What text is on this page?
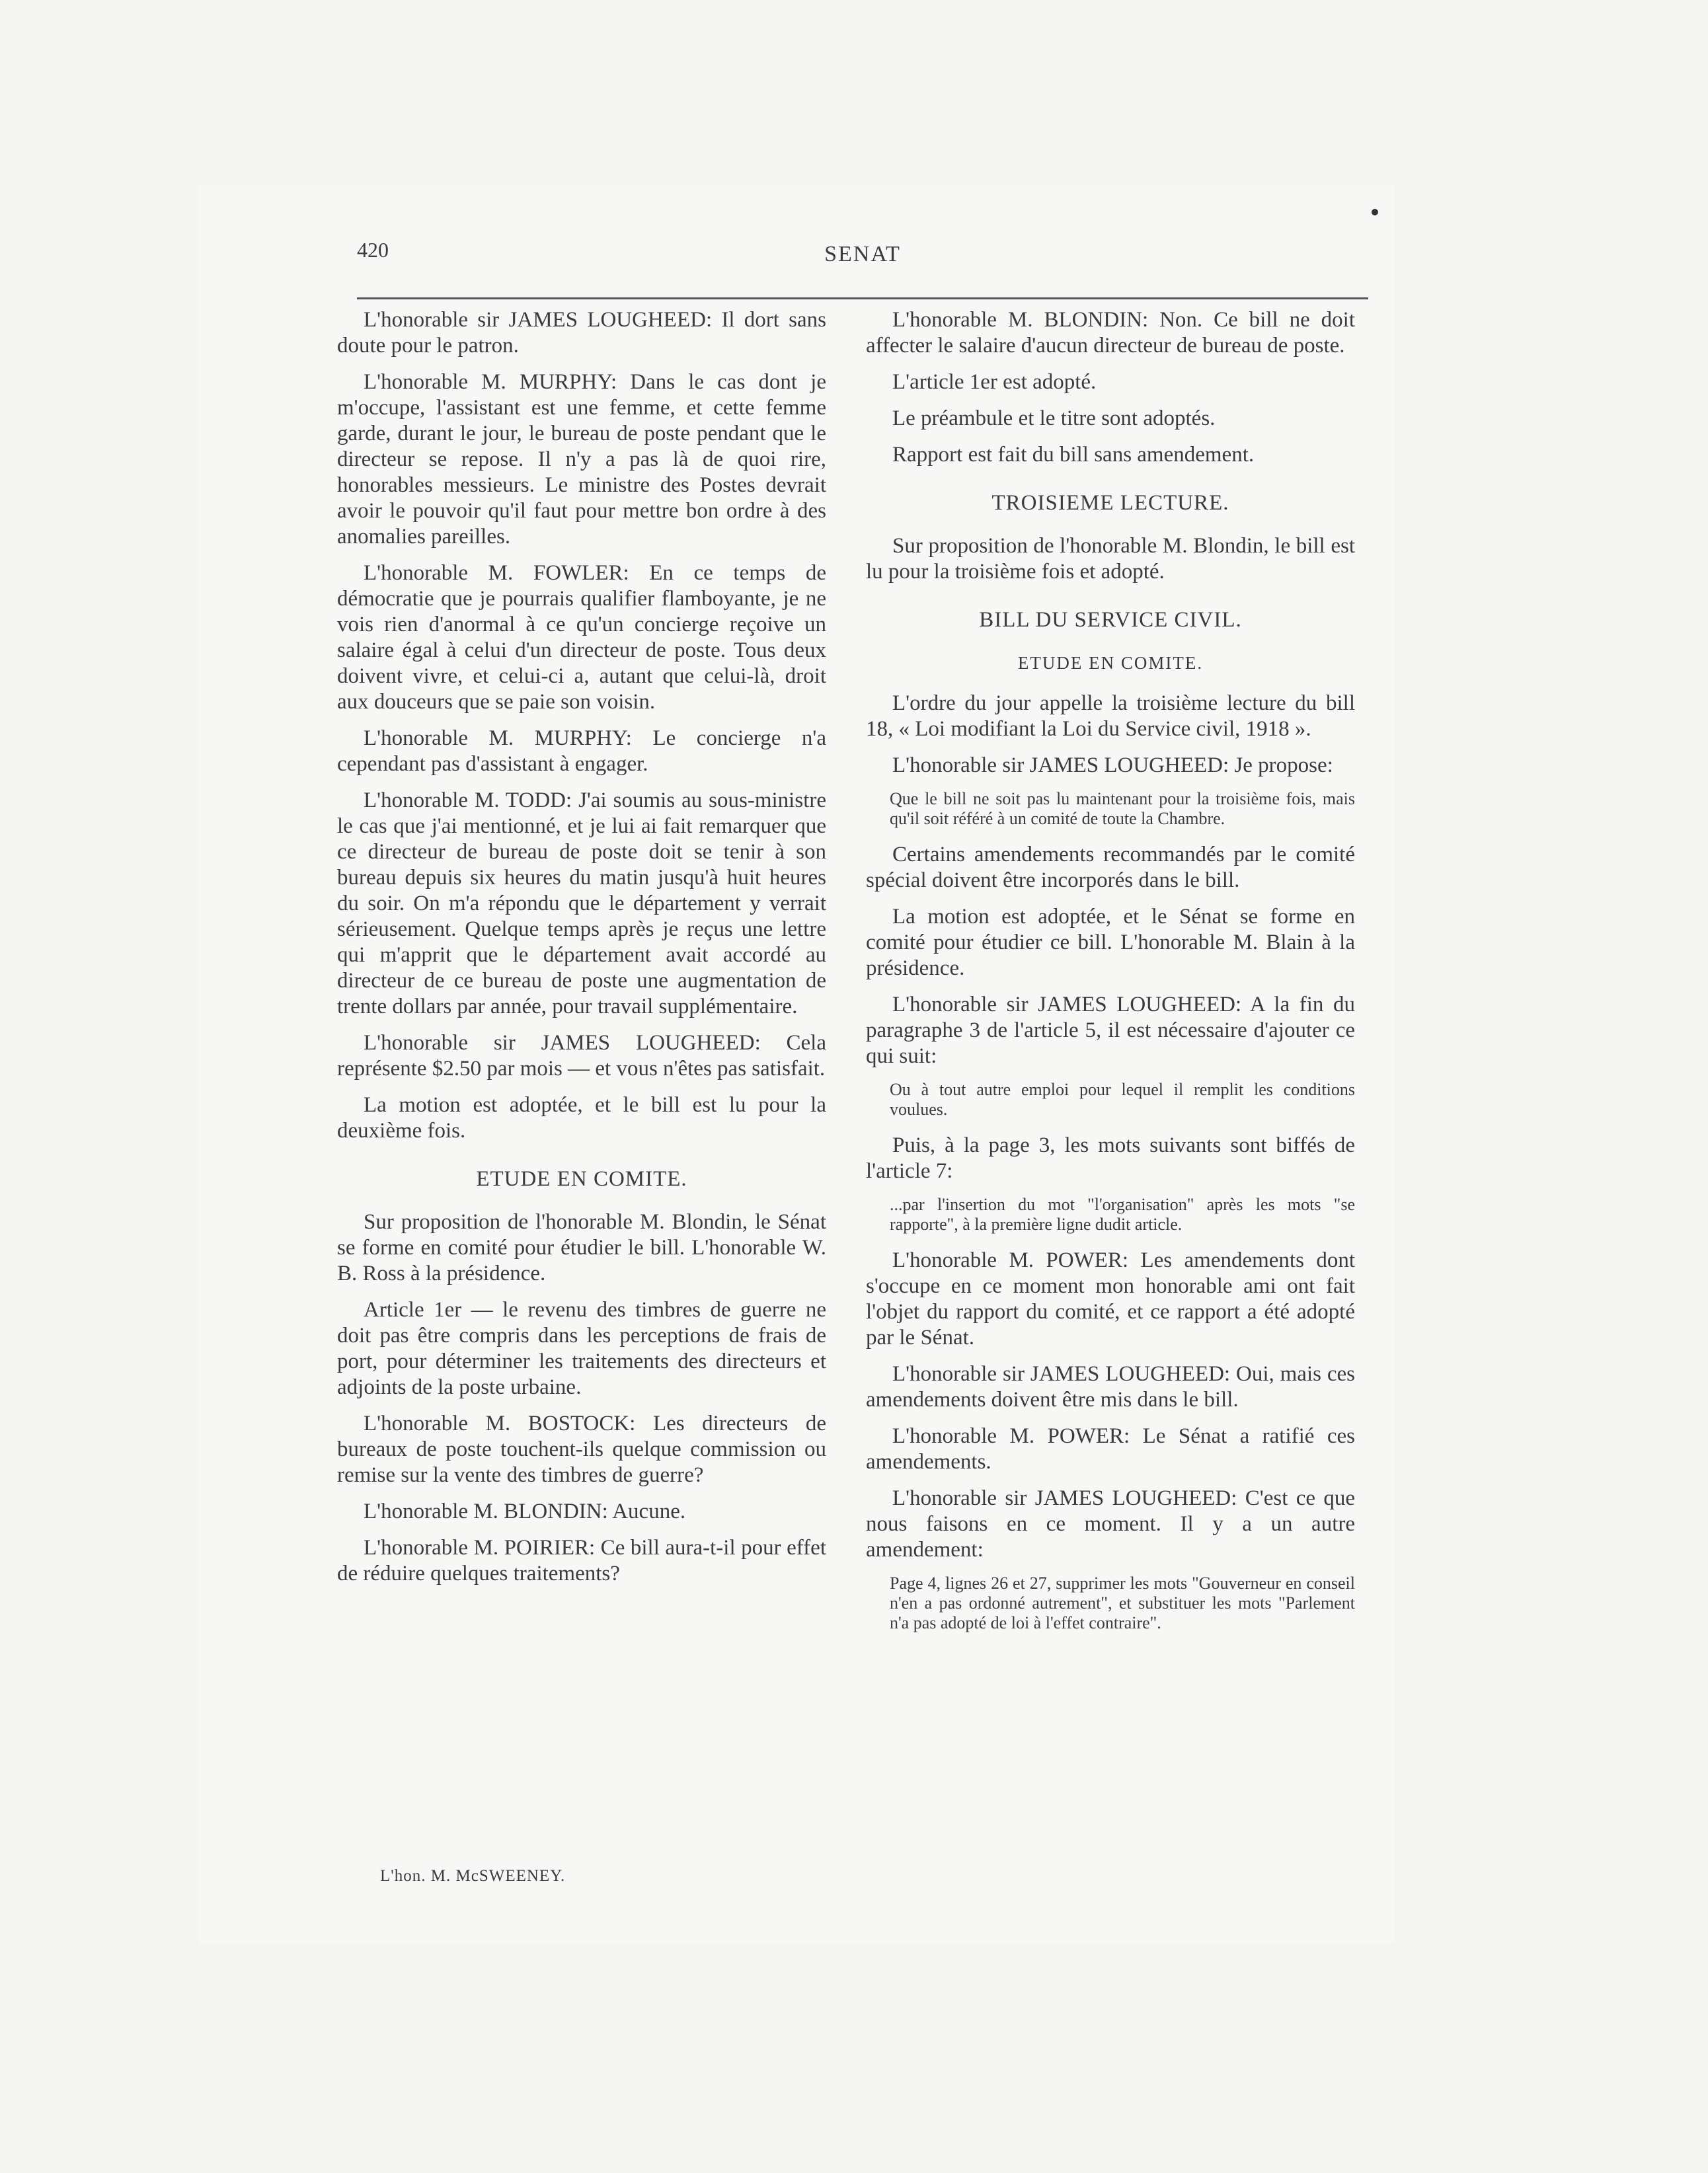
420	SENAT

L'honorable sir JAMES LOUGHEED: Il dort sans doute pour le patron.

L'honorable M. MURPHY: Dans le cas dont je m'occupe, l'assistant est une femme, et cette femme garde, durant le jour, le bureau de poste pendant que le directeur se repose. Il n'y a pas là de quoi rire, honorables messieurs. Le ministre des Postes devrait avoir le pouvoir qu'il faut pour mettre bon ordre à des anomalies pareilles.

L'honorable M. FOWLER: En ce temps de démocratie que je pourrais qualifier flamboyante, je ne vois rien d'anormal à ce qu'un concierge reçoive un salaire égal à celui d'un directeur de poste. Tous deux doivent vivre, et celui-ci a, autant que celui-là, droit aux douceurs que se paie son voisin.

L'honorable M. MURPHY: Le concierge n'a cependant pas d'assistant à engager.

L'honorable M. TODD: J'ai soumis au sous-ministre le cas que j'ai mentionné, et je lui ai fait remarquer que ce directeur de bureau de poste doit se tenir à son bureau depuis six heures du matin jusqu'à huit heures du soir. On m'a répondu que le département y verrait sérieusement. Quelque temps après je reçus une lettre qui m'apprit que le département avait accordé au directeur de ce bureau de poste une augmentation de trente dollars par année, pour travail supplémentaire.

L'honorable sir JAMES LOUGHEED: Cela représente $2.50 par mois — et vous n'êtes pas satisfait.

La motion est adoptée, et le bill est lu pour la deuxième fois.

ETUDE EN COMITE.

Sur proposition de l'honorable M. Blondin, le Sénat se forme en comité pour étudier le bill. L'honorable W. B. Ross à la présidence.

Article 1er — le revenu des timbres de guerre ne doit pas être compris dans les perceptions de frais de port, pour déterminer les traitements des directeurs et adjoints de la poste urbaine.

L'honorable M. BOSTOCK: Les directeurs de bureaux de poste touchent-ils quelque commission ou remise sur la vente des timbres de guerre?

L'honorable M. BLONDIN: Aucune.

L'honorable M. POIRIER: Ce bill aura-t-il pour effet de réduire quelques traitements?

L'honorable M. BLONDIN: Non. Ce bill ne doit affecter le salaire d'aucun directeur de bureau de poste.

L'article 1er est adopté.

Le préambule et le titre sont adoptés.

Rapport est fait du bill sans amendement.

TROISIEME LECTURE.

Sur proposition de l'honorable M. Blondin, le bill est lu pour la troisième fois et adopté.

BILL DU SERVICE CIVIL.

ETUDE EN COMITE.

L'ordre du jour appelle la troisième lecture du bill 18, « Loi modifiant la Loi du Service civil, 1918 ».

L'honorable sir JAMES LOUGHEED: Je propose:

Que le bill ne soit pas lu maintenant pour la troisième fois, mais qu'il soit référé à un comité de toute la Chambre.

Certains amendements recommandés par le comité spécial doivent être incorporés dans le bill.

La motion est adoptée, et le Sénat se forme en comité pour étudier ce bill. L'honorable M. Blain à la présidence.

L'honorable sir JAMES LOUGHEED: A la fin du paragraphe 3 de l'article 5, il est nécessaire d'ajouter ce qui suit:

Ou à tout autre emploi pour lequel il remplit les conditions voulues.

Puis, à la page 3, les mots suivants sont biffés de l'article 7:

...par l'insertion du mot "l'organisation" après les mots "se rapporte", à la première ligne dudit article.

L'honorable M. POWER: Les amendements dont s'occupe en ce moment mon honorable ami ont fait l'objet du rapport du comité, et ce rapport a été adopté par le Sénat.

L'honorable sir JAMES LOUGHEED: Oui, mais ces amendements doivent être mis dans le bill.

L'honorable M. POWER: Le Sénat a ratifié ces amendements.

L'honorable sir JAMES LOUGHEED: C'est ce que nous faisons en ce moment. Il y a un autre amendement:

Page 4, lignes 26 et 27, supprimer les mots "Gouverneur en conseil n'en a pas ordonné autrement", et substituer les mots "Parlement n'a pas adopté de loi à l'effet contraire".

L'hon. M. McSWEENEY.
